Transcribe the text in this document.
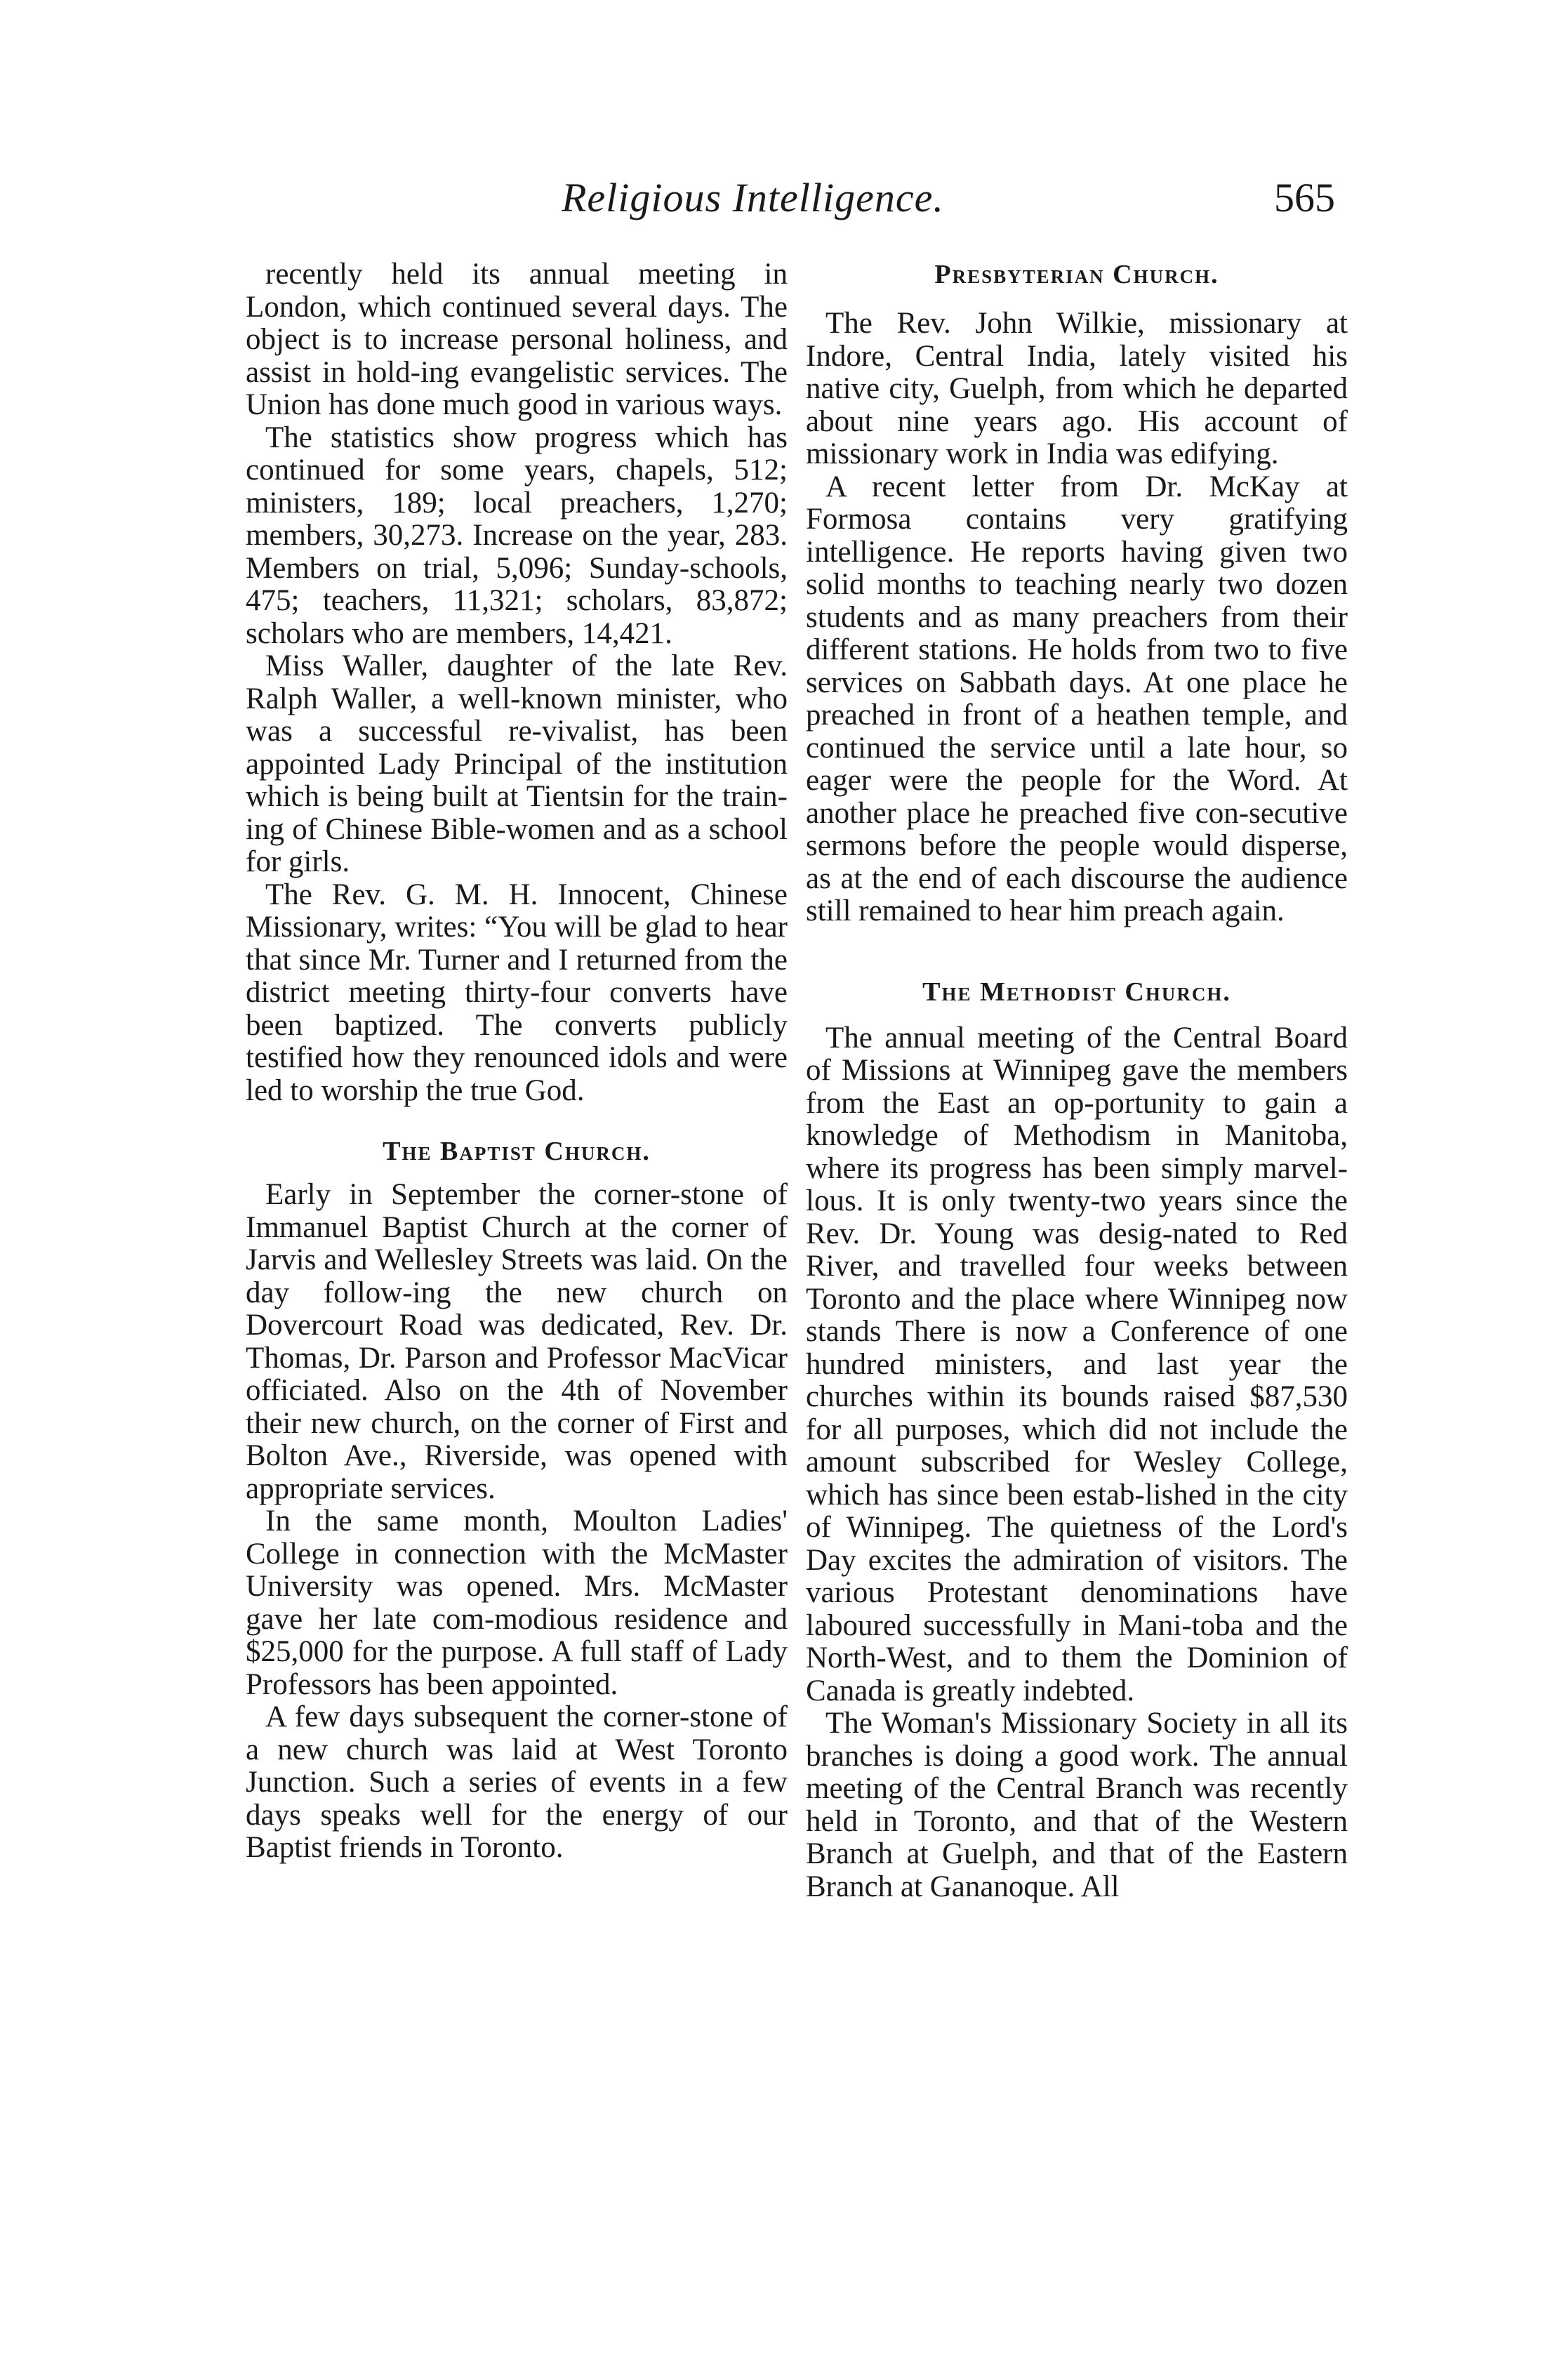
Religious Intelligence.	565

recently held its annual meeting in London, which continued several days. The object is to increase personal holiness, and assist in hold-ing evangelistic services. The Union has done much good in various ways.

The statistics show progress which has continued for some years, chapels, 512; ministers, 189; local preachers, 1,270; members, 30,273. Increase on the year, 283. Members on trial, 5,096; Sunday-schools, 475; teachers, 11,321; scholars, 83,872; scholars who are members, 14,421.

Miss Waller, daughter of the late Rev. Ralph Waller, a well-known minister, who was a successful re-vivalist, has been appointed Lady Principal of the institution which is being built at Tientsin for the train-ing of Chinese Bible-women and as a school for girls.

The Rev. G. M. H. Innocent, Chinese Missionary, writes: “You will be glad to hear that since Mr. Turner and I returned from the district meeting thirty-four converts have been baptized. The converts publicly testified how they renounced idols and were led to worship the true God.

The Baptist Church.

Early in September the corner-stone of Immanuel Baptist Church at the corner of Jarvis and Wellesley Streets was laid. On the day follow-ing the new church on Dovercourt Road was dedicated, Rev. Dr. Thomas, Dr. Parson and Professor MacVicar officiated. Also on the 4th of November their new church, on the corner of First and Bolton Ave., Riverside, was opened with appropriate services.

In the same month, Moulton Ladies' College in connection with the McMaster University was opened. Mrs. McMaster gave her late com-modious residence and $25,000 for the purpose. A full staff of Lady Professors has been appointed.

A few days subsequent the corner-stone of a new church was laid at West Toronto Junction. Such a series of events in a few days speaks well for the energy of our Baptist friends in Toronto.

Presbyterian Church.

The Rev. John Wilkie, missionary at Indore, Central India, lately visited his native city, Guelph, from which he departed about nine years ago. His account of missionary work in India was edifying.

A recent letter from Dr. McKay at Formosa contains very gratifying intelligence. He reports having given two solid months to teaching nearly two dozen students and as many preachers from their different stations. He holds from two to five services on Sabbath days. At one place he preached in front of a heathen temple, and continued the service until a late hour, so eager were the people for the Word. At another place he preached five con-secutive sermons before the people would disperse, as at the end of each discourse the audience still remained to hear him preach again.

The Methodist Church.

The annual meeting of the Central Board of Missions at Winnipeg gave the members from the East an op-portunity to gain a knowledge of Methodism in Manitoba, where its progress has been simply marvel-lous. It is only twenty-two years since the Rev. Dr. Young was desig-nated to Red River, and travelled four weeks between Toronto and the place where Winnipeg now stands There is now a Conference of one hundred ministers, and last year the churches within its bounds raised $87,530 for all purposes, which did not include the amount subscribed for Wesley College, which has since been estab-lished in the city of Winnipeg. The quietness of the Lord's Day excites the admiration of visitors. The various Protestant denominations have laboured successfully in Mani-toba and the North-West, and to them the Dominion of Canada is greatly indebted.

The Woman's Missionary Society in all its branches is doing a good work. The annual meeting of the Central Branch was recently held in Toronto, and that of the Western Branch at Guelph, and that of the Eastern Branch at Gananoque. All
